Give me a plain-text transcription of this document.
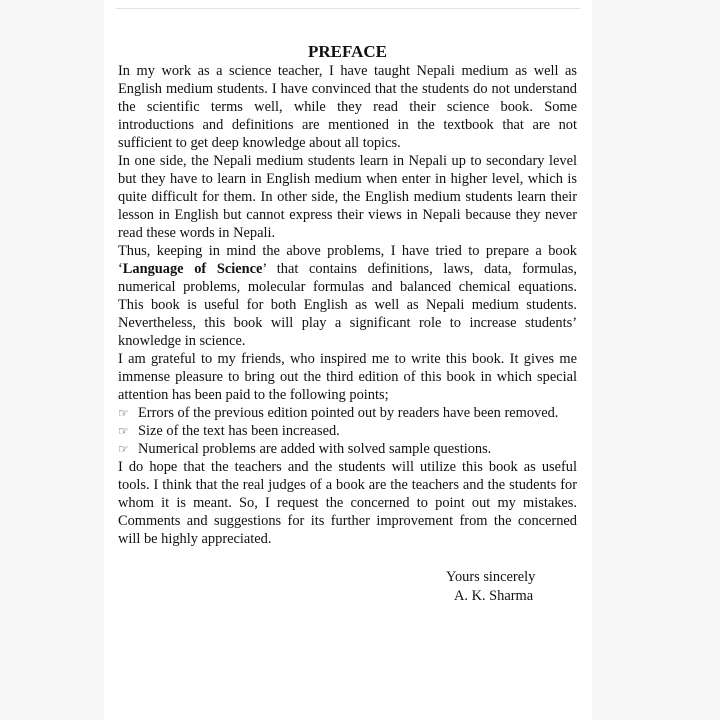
PREFACE

In my work as a science teacher, I have taught Nepali medium as well as English medium students. I have convinced that the students do not understand the scientific terms well, while they read their science book. Some introductions and definitions are mentioned in the textbook that are not sufficient to get deep knowledge about all topics.

In one side, the Nepali medium students learn in Nepali up to secondary level but they have to learn in English medium when enter in higher level, which is quite difficult for them. In other side, the English medium students learn their lesson in English but cannot express their views in Nepali because they never read these words in Nepali.

Thus, keeping in mind the above problems, I have tried to prepare a book ‘Language of Science’ that contains definitions, laws, data, formulas, numerical problems, molecular formulas and balanced chemical equations. This book is useful for both English as well as Nepali medium students. Nevertheless, this book will play a significant role to increase students’ knowledge in science.

I am grateful to my friends, who inspired me to write this book. It gives me immense pleasure to bring out the third edition of this book in which special attention has been paid to the following points;

☞ Errors of the previous edition pointed out by readers have been removed.
☞ Size of the text has been increased.
☞ Numerical problems are added with solved sample questions.

I do hope that the teachers and the students will utilize this book as useful tools. I think that the real judges of a book are the teachers and the students for whom it is meant. So, I request the concerned to point out my mistakes. Comments and suggestions for its further improvement from the concerned will be highly appreciated.

Yours sincerely
A. K. Sharma
